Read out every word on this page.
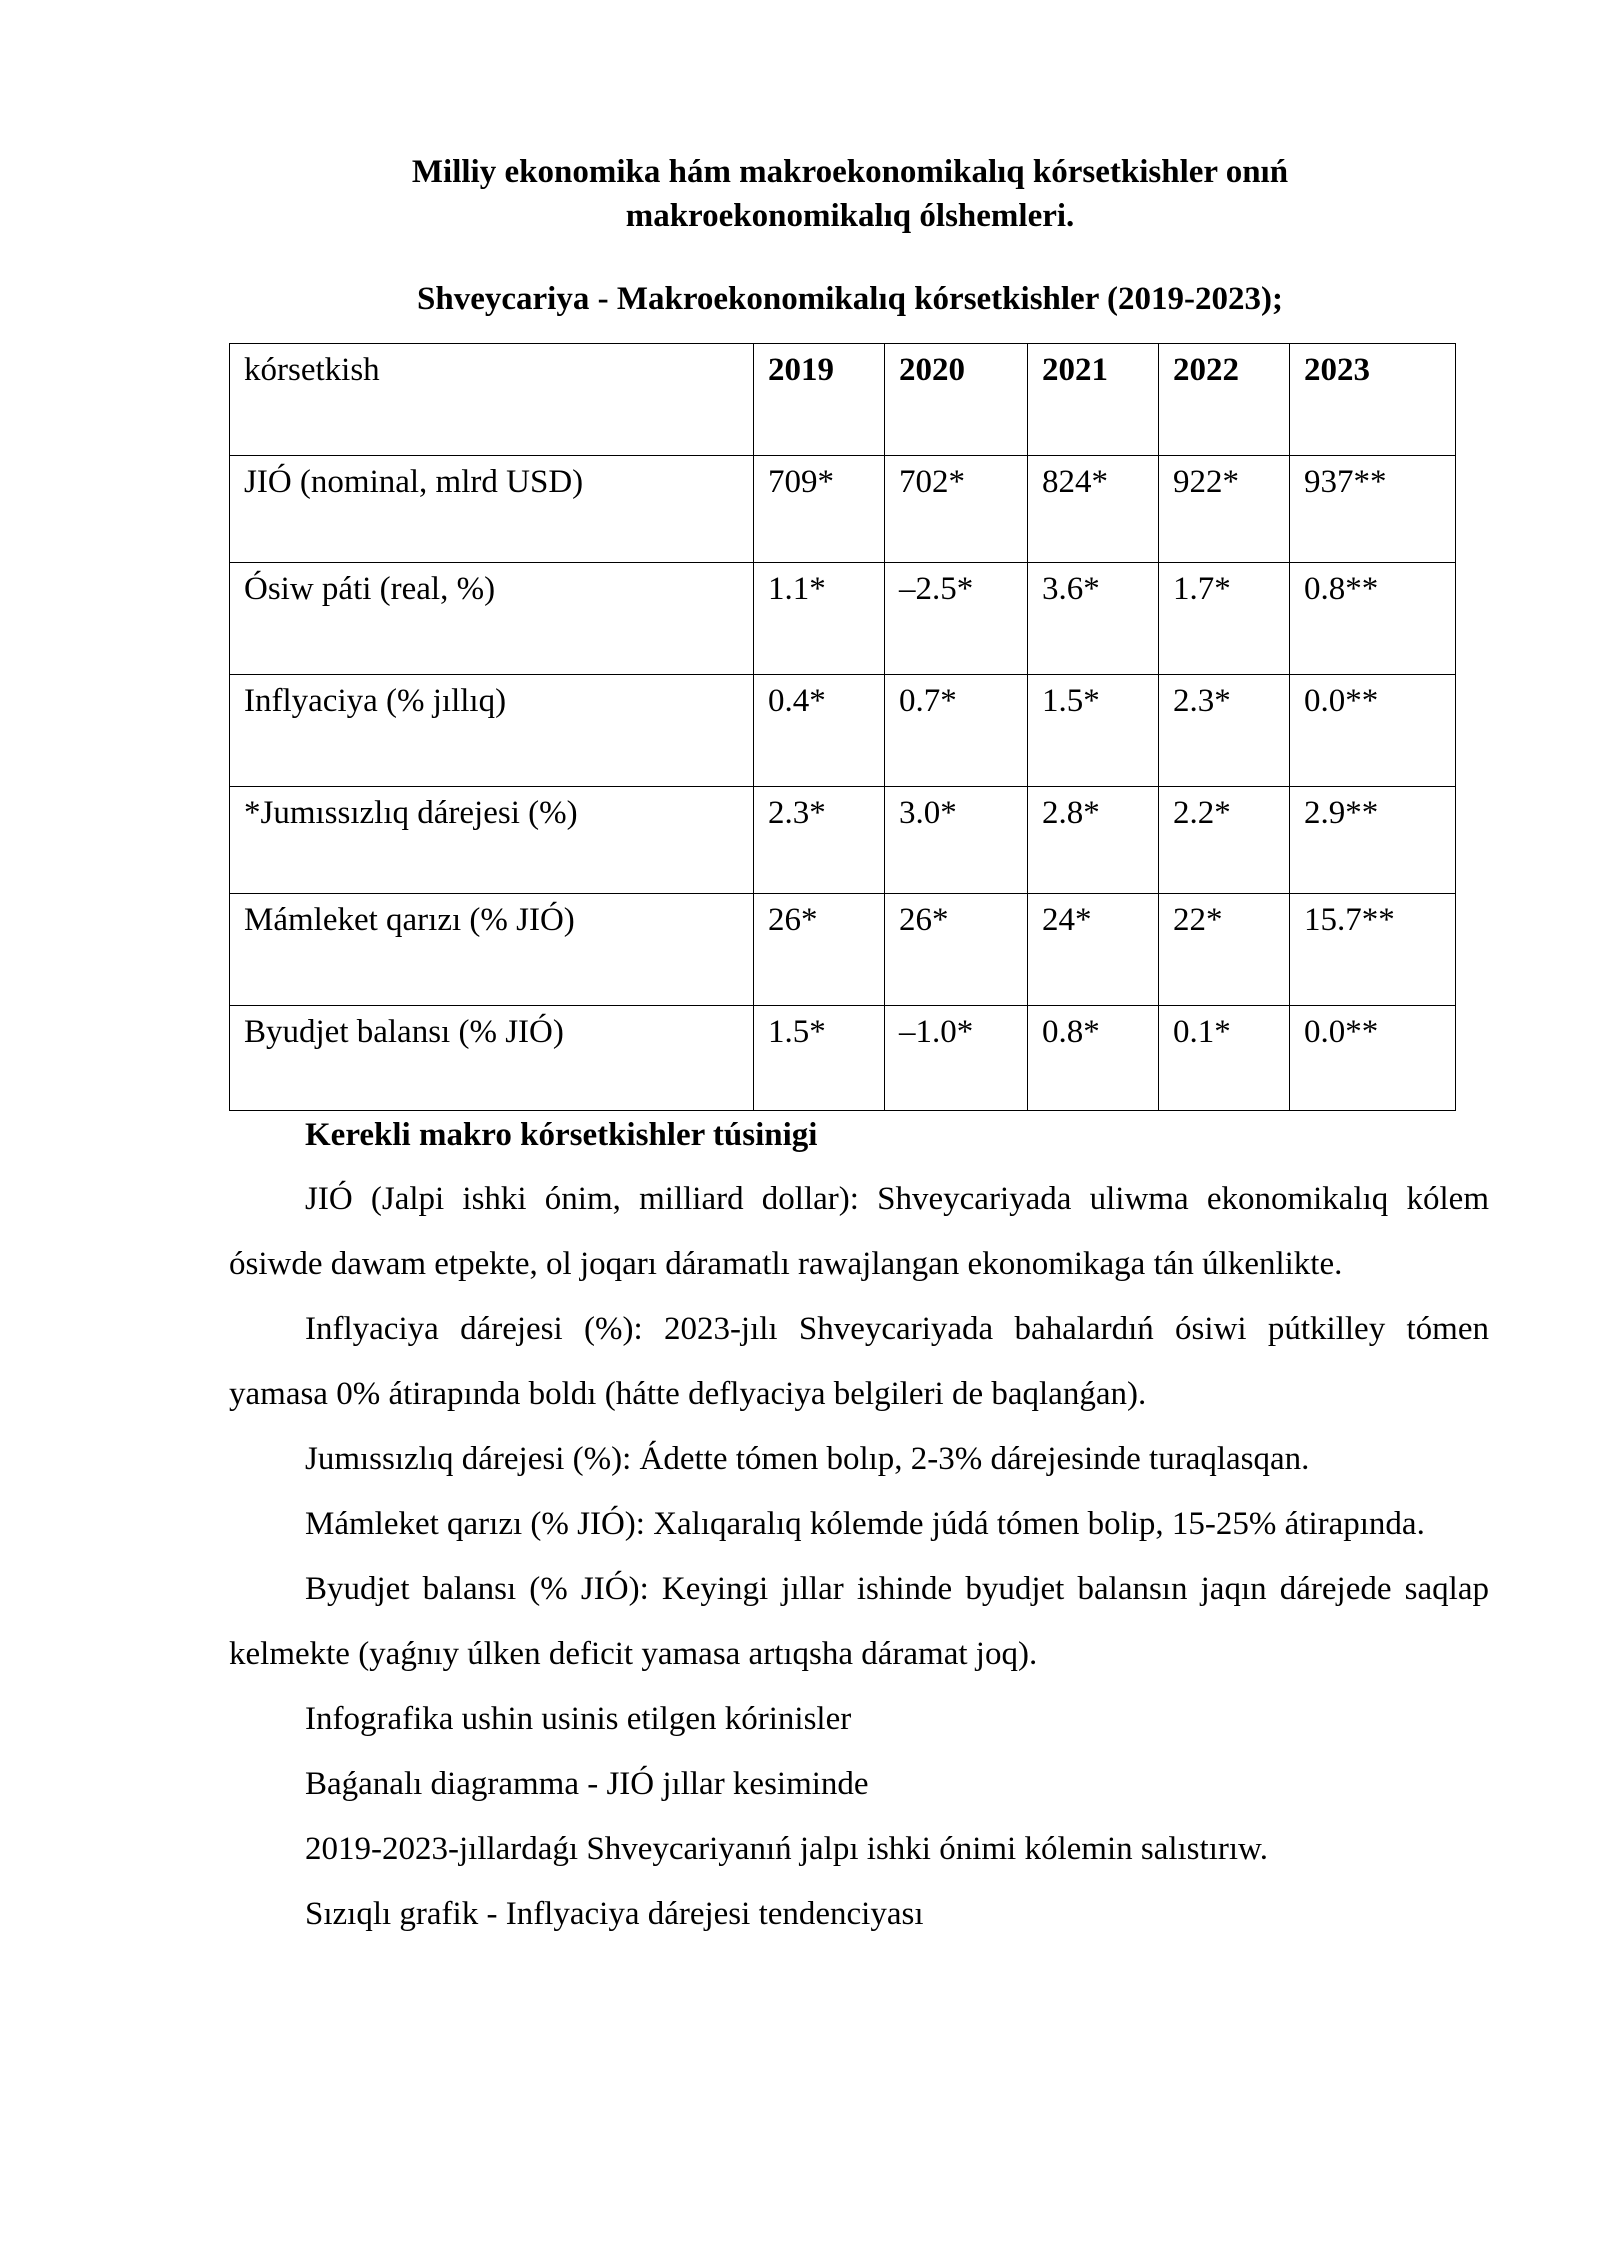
Milliy ekonomika hám makroekonomikalıq kórsetkishler onıń
makroekonomikalıq ólshemleri.
Shveycariya - Makroekonomikalıq kórsetkishler (2019-2023);
kórsetkish	2019	2020	2021	2022	2023
JIÓ (nominal, mlrd USD)	709*	702*	824*	922*	937**
Ósiw páti (real, %)	1.1*	–2.5*	3.6*	1.7*	0.8**
Inflyaciya (% jıllıq)	0.4*	0.7*	1.5*	2.3*	0.0**
*Jumıssızlıq dárejesi (%)	2.3*	3.0*	2.8*	2.2*	2.9**
Mámleket qarızı (% JIÓ)	26*	26*	24*	22*	15.7**
Byudjet balansı (% JIÓ)	1.5*	–1.0*	0.8*	0.1*	0.0**

Kerekli makro kórsetkishler túsinigi

JIÓ (Jalpi ishki ónim, milliard dollar): Shveycariyada uliwma ekonomikalıq kólem ósiwde dawam etpekte, ol joqarı dáramatlı rawajlangan ekonomikaga tán úlkenlikte.

Inflyaciya dárejesi (%): 2023-jılı Shveycariyada bahalardıń ósiwi pútkilley tómen yamasa 0% átirapında boldı (hátte deflyaciya belgileri de baqlanǵan).

Jumıssızlıq dárejesi (%): Ádette tómen bolıp, 2-3% dárejesinde turaqlasqan.

Mámleket qarızı (% JIÓ): Xalıqaralıq kólemde júdá tómen bolip, 15-25% átirapında.

Byudjet balansı (% JIÓ): Keyingi jıllar ishinde byudjet balansın jaqın dárejede saqlap kelmekte (yaǵnıy úlken deficit yamasa artıqsha dáramat joq).

Infografika ushin usinis etilgen kórinisler

Baǵanalı diagramma - JIÓ jıllar kesiminde

2019-2023-jıllardaǵı Shveycariyanıń jalpı ishki ónimi kólemin salıstırıw.

Sızıqlı grafik - Inflyaciya dárejesi tendenciyası
